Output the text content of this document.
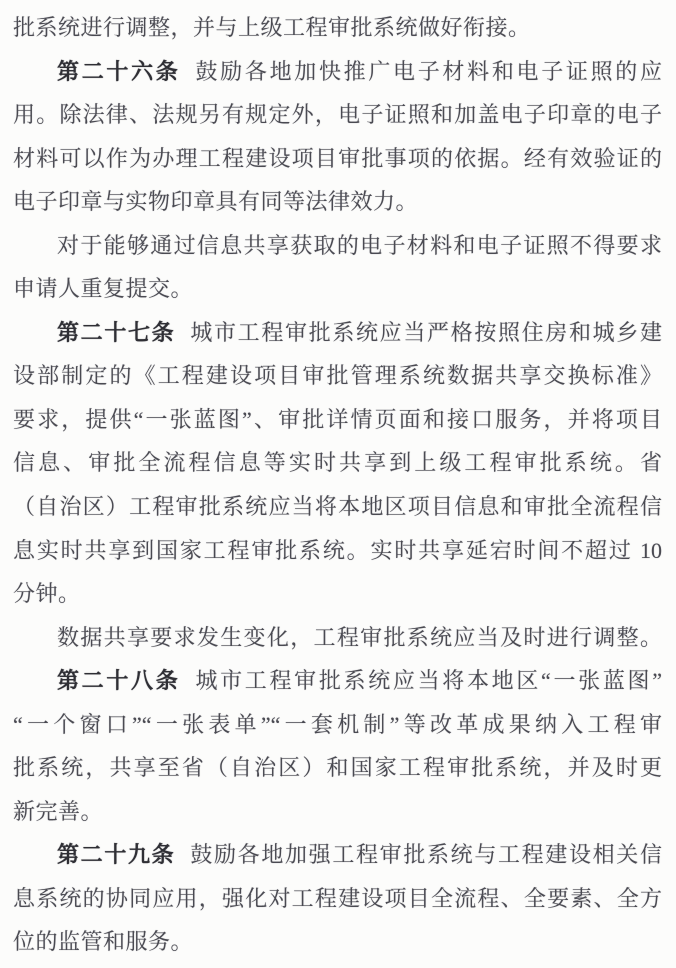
批系统进行调整，并与上级工程审批系统做好衔接。
第二十六条 鼓励各地加快推广电子材料和电子证照的应
用。除法律、法规另有规定外，电子证照和加盖电子印章的电子
材料可以作为办理工程建设项目审批事项的依据。经有效验证的
电子印章与实物印章具有同等法律效力。
对于能够通过信息共享获取的电子材料和电子证照不得要求
申请人重复提交。
第二十七条 城市工程审批系统应当严格按照住房和城乡建
设部制定的《工程建设项目审批管理系统数据共享交换标准》
要求，提供“一张蓝图”、审批详情页面和接口服务，并将项目
信息、审批全流程信息等实时共享到上级工程审批系统。省
（自治区）工程审批系统应当将本地区项目信息和审批全流程信
息实时共享到国家工程审批系统。实时共享延宕时间不超过 10
分钟。
数据共享要求发生变化，工程审批系统应当及时进行调整。
第二十八条 城市工程审批系统应当将本地区“一张蓝图”
“一个窗口”“一张表单”“一套机制”等改革成果纳入工程审
批系统，共享至省（自治区）和国家工程审批系统，并及时更
新完善。
第二十九条 鼓励各地加强工程审批系统与工程建设相关信
息系统的协同应用，强化对工程建设项目全流程、全要素、全方
位的监管和服务。
